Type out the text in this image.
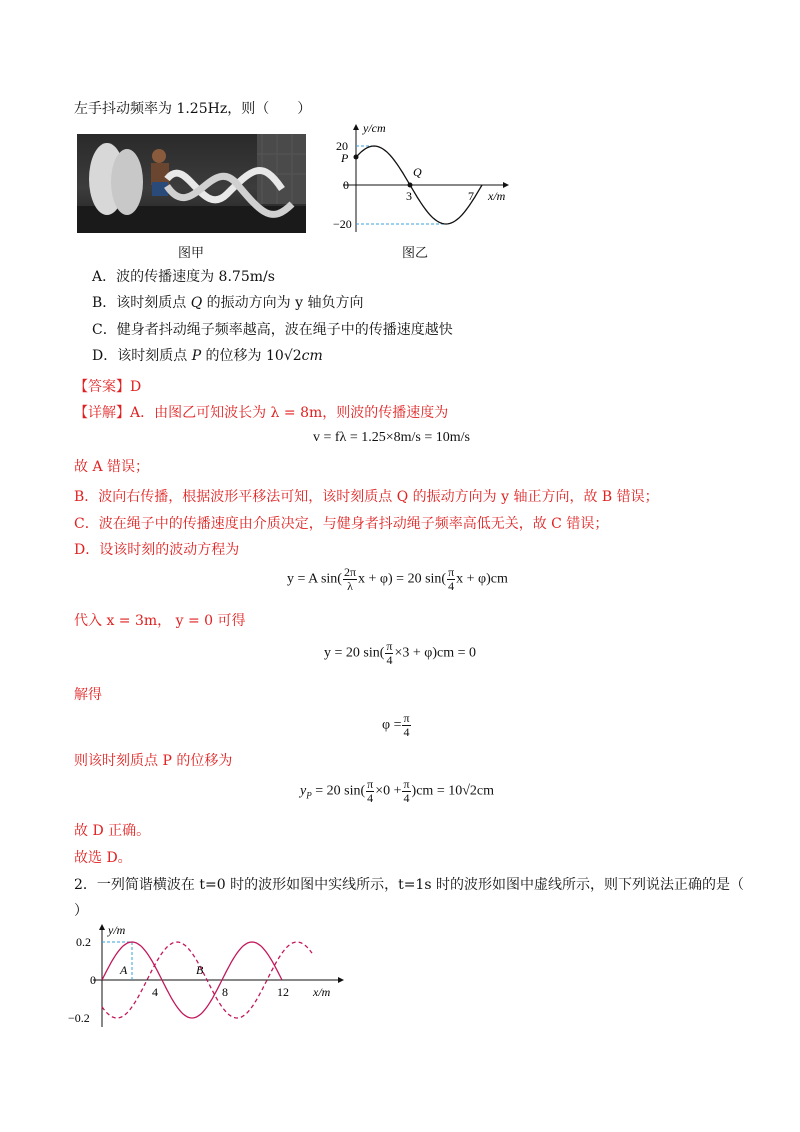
左手抖动频率为 1.25Hz，则（　　）
图甲
y/cm
20
P
0
−20
Q
3	7 x/m
图乙
A．波的传播速度为 8.75m/s
B．该时刻质点 Q 的振动方向为 y 轴负方向
C．健身者抖动绳子频率越高，波在绳子中的传播速度越快
D．该时刻质点 P 的位移为 10√2cm
【答案】D
【详解】A．由图乙可知波长为 λ = 8m，则波的传播速度为
v = fλ = 1.25×8m/s = 10m/s
故 A 错误；
B．波向右传播，根据波形平移法可知，该时刻质点 Q 的振动方向为 y 轴正方向，故 B 错误；
C．波在绳子中的传播速度由介质决定，与健身者抖动绳子频率高低无关，故 C 错误；
D．设该时刻的波动方程为
y = A $\sin( \frac{2\pi}{\lambda}$ x + φ) = 20 $\sin( \frac{\pi}{4}$ x + φ)cm
代入 x = 3m， y = 0 可得
y = 20 $\sin( \frac{\pi}{4} \times 3 + \varphi)cm = 0$
解得
$\varphi = \frac{\pi}{4}$
则该时刻质点 P 的位移为
$y_P = 20$ $\sin( \frac{\pi}{4} \times 0 + \frac{\pi}{4} )cm = 10√2cm$
故 D 正确。
故选 D。
2．一列简谐横波在 t=0 时的波形如图中实线所示，t=1s 时的波形如图中虚线所示，则下列说法正确的是（
）
y/m
0.2
0
−0.2
A	B
4	8	12 x/m
